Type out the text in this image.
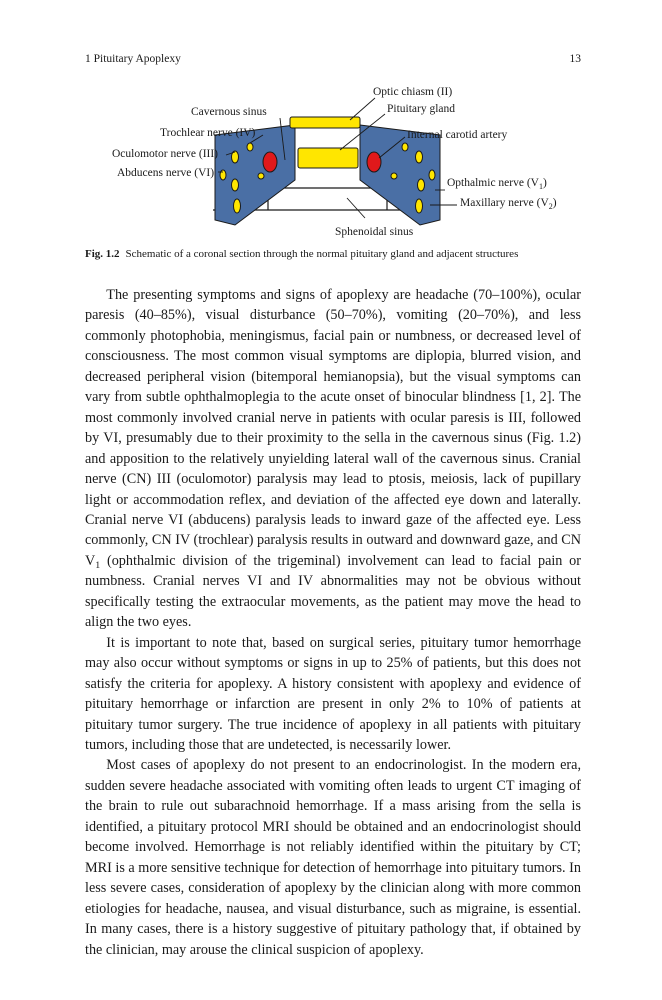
1 Pituitary Apoplexy	13
Optic chiasm (II)
Pituitary gland
Cavernous sinus
Internal carotid artery
Trochlear nerve (IV)
Oculomotor nerve (III)
Abducens nerve (VI)
Opthalmic nerve $(V_1)$
Maxillary nerve $(V_2)$
Sphenoidal sinus
Fig. 1.2 Schematic of a coronal section through the normal pituitary gland and adjacent structures

The presenting symptoms and signs of apoplexy are headache (70–100%), ocular paresis (40–85%), visual disturbance (50–70%), vomiting (20–70%), and less commonly photophobia, meningismus, facial pain or numbness, or decreased level of consciousness. The most common visual symptoms are diplopia, blurred vision, and decreased peripheral vision (bitemporal hemianopsia), but the visual symptoms can vary from subtle ophthalmoplegia to the acute onset of binocular blindness [1, 2]. The most commonly involved cranial nerve in patients with ocular paresis is III, followed by VI, presumably due to their proximity to the sella in the cavernous sinus (Fig. 1.2) and apposition to the relatively unyielding lateral wall of the cavernous sinus. Cranial nerve (CN) III (oculomotor) paralysis may lead to ptosis, meiosis, lack of pupillary light or accommodation reflex, and deviation of the affected eye down and laterally. Cranial nerve VI (abducens) paralysis leads to inward gaze of the affected eye. Less commonly, CN IV (trochlear) paralysis results in outward and downward gaze, and CN $V_1$ (ophthalmic division of the trigeminal) involvement can lead to facial pain or numbness. Cranial nerves VI and IV abnormalities may not be obvious without specifically testing the extraocular movements, as the patient may move the head to align the two eyes.

It is important to note that, based on surgical series, pituitary tumor hemorrhage may also occur without symptoms or signs in up to 25% of patients, but this does not satisfy the criteria for apoplexy. A history consistent with apoplexy and evidence of pituitary hemorrhage or infarction are present in only 2% to 10% of patients at pituitary tumor surgery. The true incidence of apoplexy in all patients with pituitary tumors, including those that are undetected, is necessarily lower.

Most cases of apoplexy do not present to an endocrinologist. In the modern era, sudden severe headache associated with vomiting often leads to urgent CT imaging of the brain to rule out subarachnoid hemorrhage. If a mass arising from the sella is identified, a pituitary protocol MRI should be obtained and an endocrinologist should become involved. Hemorrhage is not reliably identified within the pituitary by CT; MRI is a more sensitive technique for detection of hemorrhage into pituitary tumors. In less severe cases, consideration of apoplexy by the clinician along with more common etiologies for headache, nausea, and visual disturbance, such as migraine, is essential. In many cases, there is a history suggestive of pituitary pathology that, if obtained by the clinician, may arouse the clinical suspicion of apoplexy.
